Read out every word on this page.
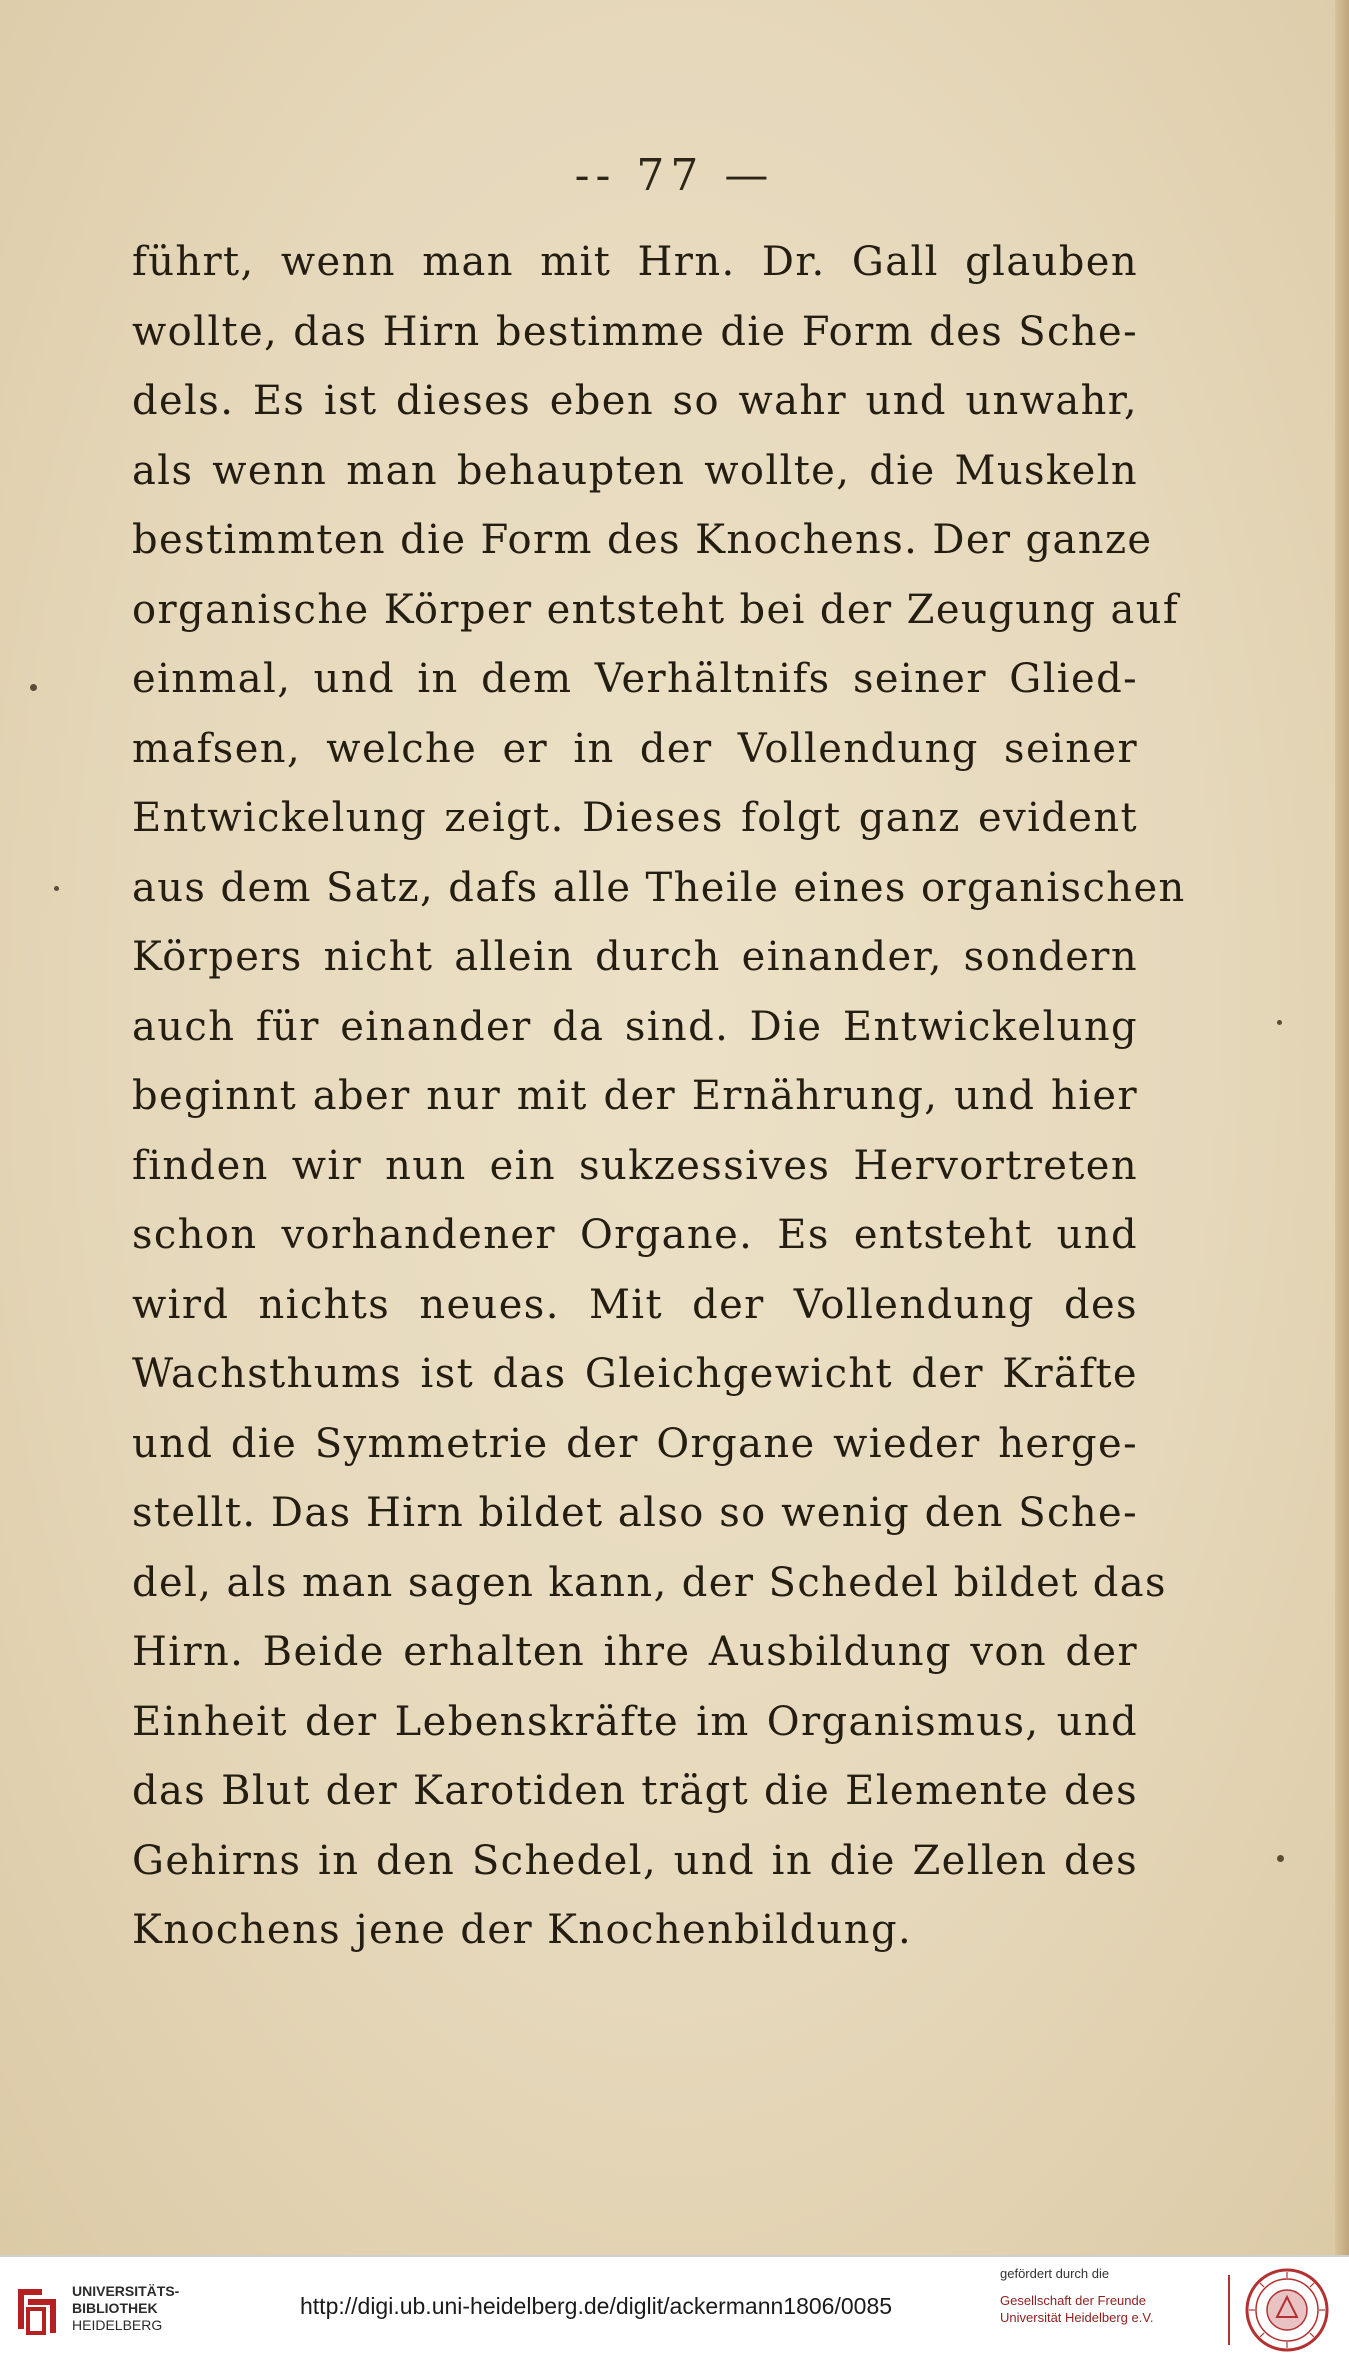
-- 77 —
führt, wenn man mit Hrn. Dr. Gall glauben
wollte, das Hirn bestimme die Form des Sche-
dels. Es ist dieses eben so wahr und unwahr,
als wenn man behaupten wollte, die Muskeln
bestimmten die Form des Knochens. Der ganze
organische Körper entsteht bei der Zeugung auf
einmal, und in dem Verhältnifs seiner Glied-
mafsen, welche er in der Vollendung seiner
Entwickelung zeigt. Dieses folgt ganz evident
aus dem Satz, dafs alle Theile eines organischen
Körpers nicht allein durch einander, sondern
auch für einander da sind. Die Entwickelung
beginnt aber nur mit der Ernährung, und hier
finden wir nun ein sukzessives Hervortreten
schon vorhandener Organe. Es entsteht und
wird nichts neues. Mit der Vollendung des
Wachsthums ist das Gleichgewicht der Kräfte
und die Symmetrie der Organe wieder herge-
stellt. Das Hirn bildet also so wenig den Sche-
del, als man sagen kann, der Schedel bildet das
Hirn. Beide erhalten ihre Ausbildung von der
Einheit der Lebenskräfte im Organismus, und
das Blut der Karotiden trägt die Elemente des
Gehirns in den Schedel, und in die Zellen des
Knochens jene der Knochenbildung.
UNIVERSITÄTS-
BIBLIOTHEK
HEIDELBERG
http://digi.ub.uni-heidelberg.de/diglit/ackermann1806/0085
gefördert durch die
Gesellschaft der Freunde
Universität Heidelberg e.V.
